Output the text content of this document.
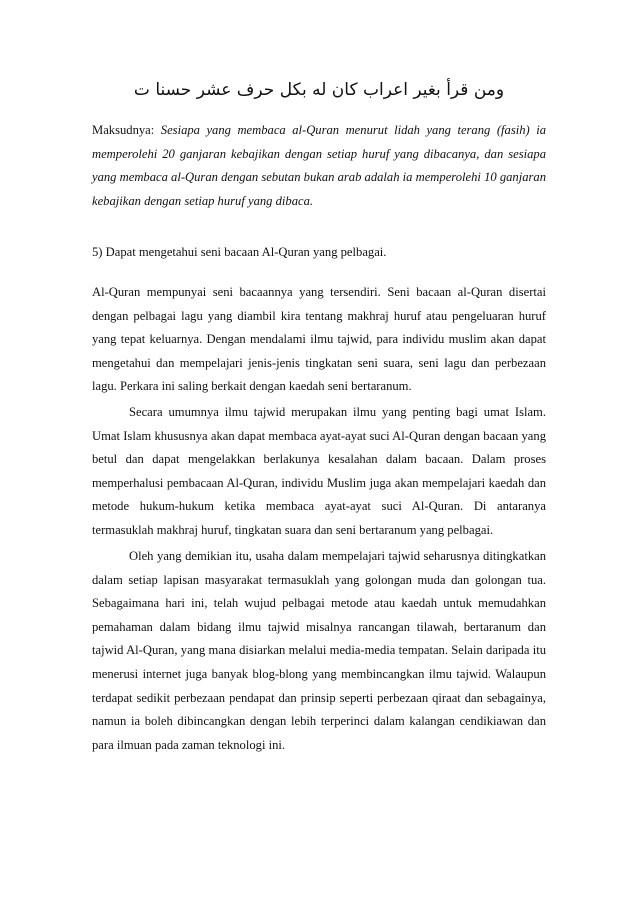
ومن قرأ بغير اعراب كان له بكل حرف عشر حسنا ت
Maksudnya: Sesiapa yang membaca al-Quran menurut lidah yang terang (fasih) ia memperolehi 20 ganjaran kebajikan dengan setiap huruf yang dibacanya, dan sesiapa yang membaca al-Quran dengan sebutan bukan arab adalah ia memperolehi 10 ganjaran kebajikan dengan setiap huruf yang dibaca.
5) Dapat mengetahui seni bacaan Al-Quran yang pelbagai.

Al-Quran mempunyai seni bacaannya yang tersendiri. Seni bacaan al-Quran disertai dengan pelbagai lagu yang diambil kira tentang makhraj huruf atau pengeluaran huruf yang tepat keluarnya. Dengan mendalami ilmu tajwid, para individu muslim akan dapat mengetahui dan mempelajari jenis-jenis tingkatan seni suara, seni lagu dan perbezaan lagu. Perkara ini saling berkait dengan kaedah seni bertaranum.

Secara umumnya ilmu tajwid merupakan ilmu yang penting bagi umat Islam. Umat Islam khususnya akan dapat membaca ayat-ayat suci Al-Quran dengan bacaan yang betul dan dapat mengelakkan berlakunya kesalahan dalam bacaan. Dalam proses memperhalusi pembacaan Al-Quran, individu Muslim juga akan mempelajari kaedah dan metode hukum-hukum ketika membaca ayat-ayat suci Al-Quran. Di antaranya termasuklah makhraj huruf, tingkatan suara dan seni bertaranum yang pelbagai.

Oleh yang demikian itu, usaha dalam mempelajari tajwid seharusnya ditingkatkan dalam setiap lapisan masyarakat termasuklah yang golongan muda dan golongan tua. Sebagaimana hari ini, telah wujud pelbagai metode atau kaedah untuk memudahkan pemahaman dalam bidang ilmu tajwid misalnya rancangan tilawah, bertaranum dan tajwid Al-Quran, yang mana disiarkan melalui media-media tempatan. Selain daripada itu menerusi internet juga banyak blog-blong yang membincangkan ilmu tajwid. Walaupun terdapat sedikit perbezaan pendapat dan prinsip seperti perbezaan qiraat dan sebagainya, namun ia boleh dibincangkan dengan lebih terperinci dalam kalangan cendikiawan dan para ilmuan pada zaman teknologi ini.
